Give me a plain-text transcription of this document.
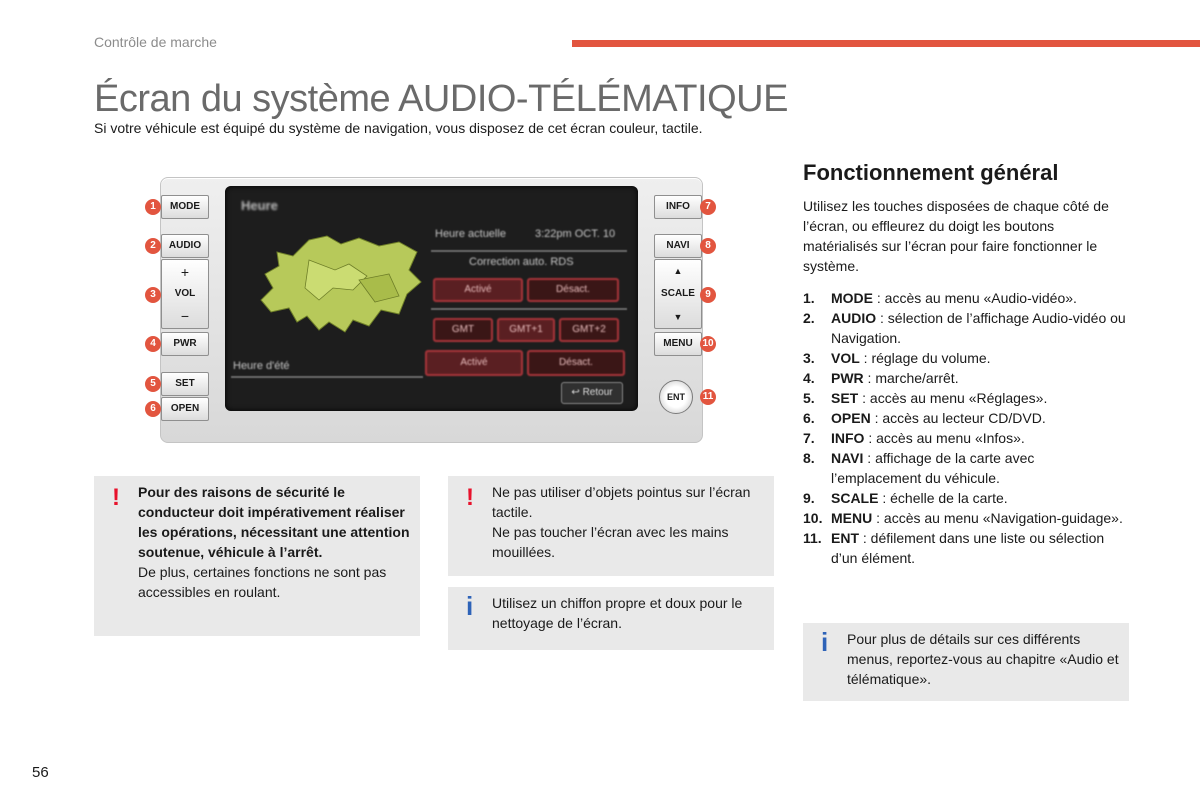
Contrôle de marche
Écran du système AUDIO-TÉLÉMATIQUE
Si votre véhicule est équipé du système de navigation, vous disposez de cet écran couleur, tactile.
Heure
Heure actuelle	3:22pm OCT. 10
Correction auto. RDS
Activé	Désact.
GMT	GMT+1	GMT+2
Heure d'été	Activé	Désact.
↩ Retour
MODE
AUDIO
+
VOL
−
PWR
SET
OPEN
INFO
NAVI
▲
SCALE
▼
MENU
ENT
1
2
3
4
5
6
7
8
9
10
11
! Pour des raisons de sécurité le conducteur doit impérativement réaliser les opérations, nécessitant une attention soutenue, véhicule à l’arrêt.

De plus, certaines fonctions ne sont pas accessibles en roulant.

! Ne pas utiliser d’objets pointus sur l’écran tactile.

Ne pas toucher l’écran avec les mains mouillées.

i Utilisez un chiffon propre et doux pour le nettoyage de l’écran.

Fonctionnement général

Utilisez les touches disposées de chaque côté de l’écran, ou effleurez du doigt les boutons matérialisés sur l’écran pour faire fonctionner le système.

1. MODE : accès au menu «Audio-vidéo».
2. AUDIO : sélection de l’affichage Audio-vidéo ou Navigation.
3. VOL : réglage du volume.
4. PWR : marche/arrêt.
5. SET : accès au menu «Réglages».
6. OPEN : accès au lecteur CD/DVD.
7. INFO : accès au menu «Infos».
8. NAVI : affichage de la carte avec l’emplacement du véhicule.
9. SCALE : échelle de la carte.
10. MENU : accès au menu «Navigation-guidage».
11. ENT : défilement dans une liste ou sélection d’un élément.
i Pour plus de détails sur ces différents menus, reportez-vous au chapitre «Audio et télématique».

56
